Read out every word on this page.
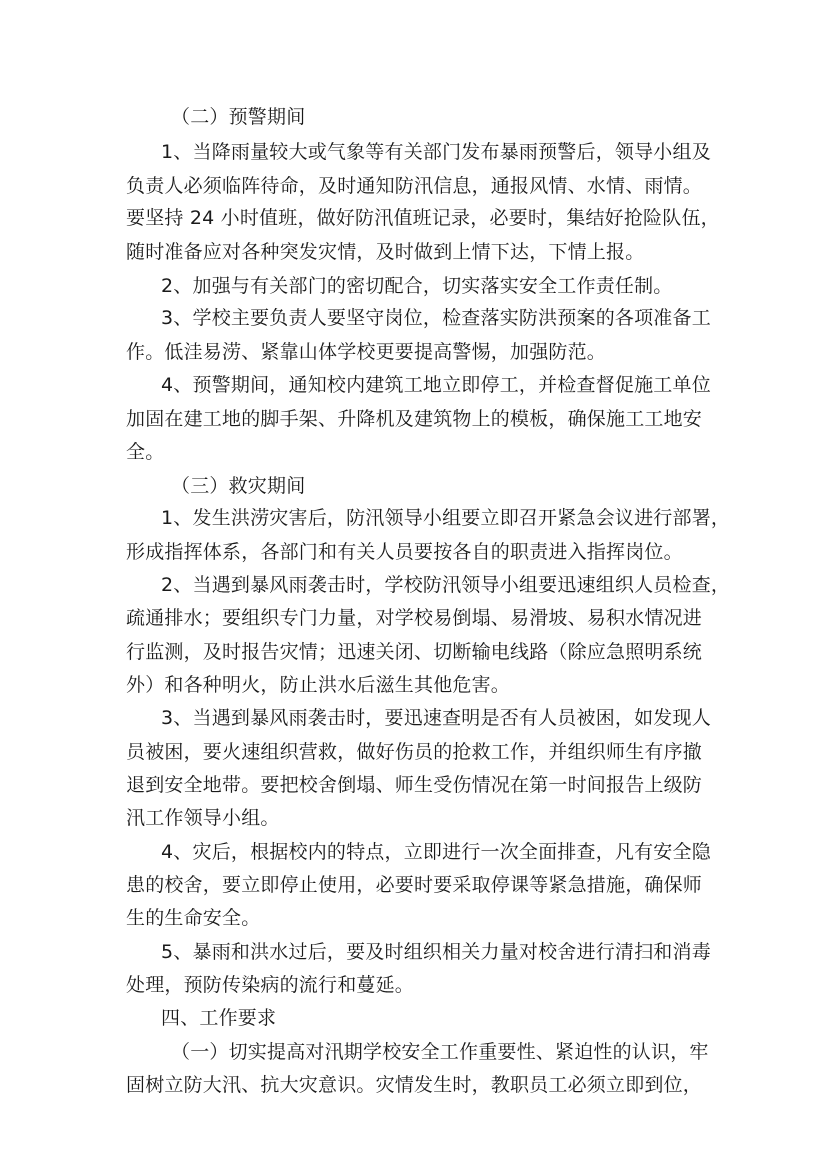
（二）预警期间
1、当降雨量较大或气象等有关部门发布暴雨预警后，领导小组及
负责人必须临阵待命，及时通知防汛信息，通报风情、水情、雨情。
要坚持 24 小时值班，做好防汛值班记录，必要时，集结好抢险队伍，
随时准备应对各种突发灾情，及时做到上情下达，下情上报。
2、加强与有关部门的密切配合，切实落实安全工作责任制。
3、学校主要负责人要坚守岗位，检查落实防洪预案的各项准备工
作。低洼易涝、紧靠山体学校更要提高警惕，加强防范。
4、预警期间，通知校内建筑工地立即停工，并检查督促施工单位
加固在建工地的脚手架、升降机及建筑物上的模板，确保施工工地安
全。
（三）救灾期间
1、发生洪涝灾害后，防汛领导小组要立即召开紧急会议进行部署，
形成指挥体系，各部门和有关人员要按各自的职责进入指挥岗位。
2、当遇到暴风雨袭击时，学校防汛领导小组要迅速组织人员检查，
疏通排水；要组织专门力量，对学校易倒塌、易滑坡、易积水情况进
行监测，及时报告灾情；迅速关闭、切断输电线路（除应急照明系统
外）和各种明火，防止洪水后滋生其他危害。
3、当遇到暴风雨袭击时，要迅速查明是否有人员被困，如发现人
员被困，要火速组织营救，做好伤员的抢救工作，并组织师生有序撤
退到安全地带。要把校舍倒塌、师生受伤情况在第一时间报告上级防
汛工作领导小组。
4、灾后，根据校内的特点，立即进行一次全面排查，凡有安全隐
患的校舍，要立即停止使用，必要时要采取停课等紧急措施，确保师
生的生命安全。
5、暴雨和洪水过后，要及时组织相关力量对校舍进行清扫和消毒
处理，预防传染病的流行和蔓延。
四、工作要求
（一）切实提高对汛期学校安全工作重要性、紧迫性的认识，牢
固树立防大汛、抗大灾意识。灾情发生时，教职员工必须立即到位，
